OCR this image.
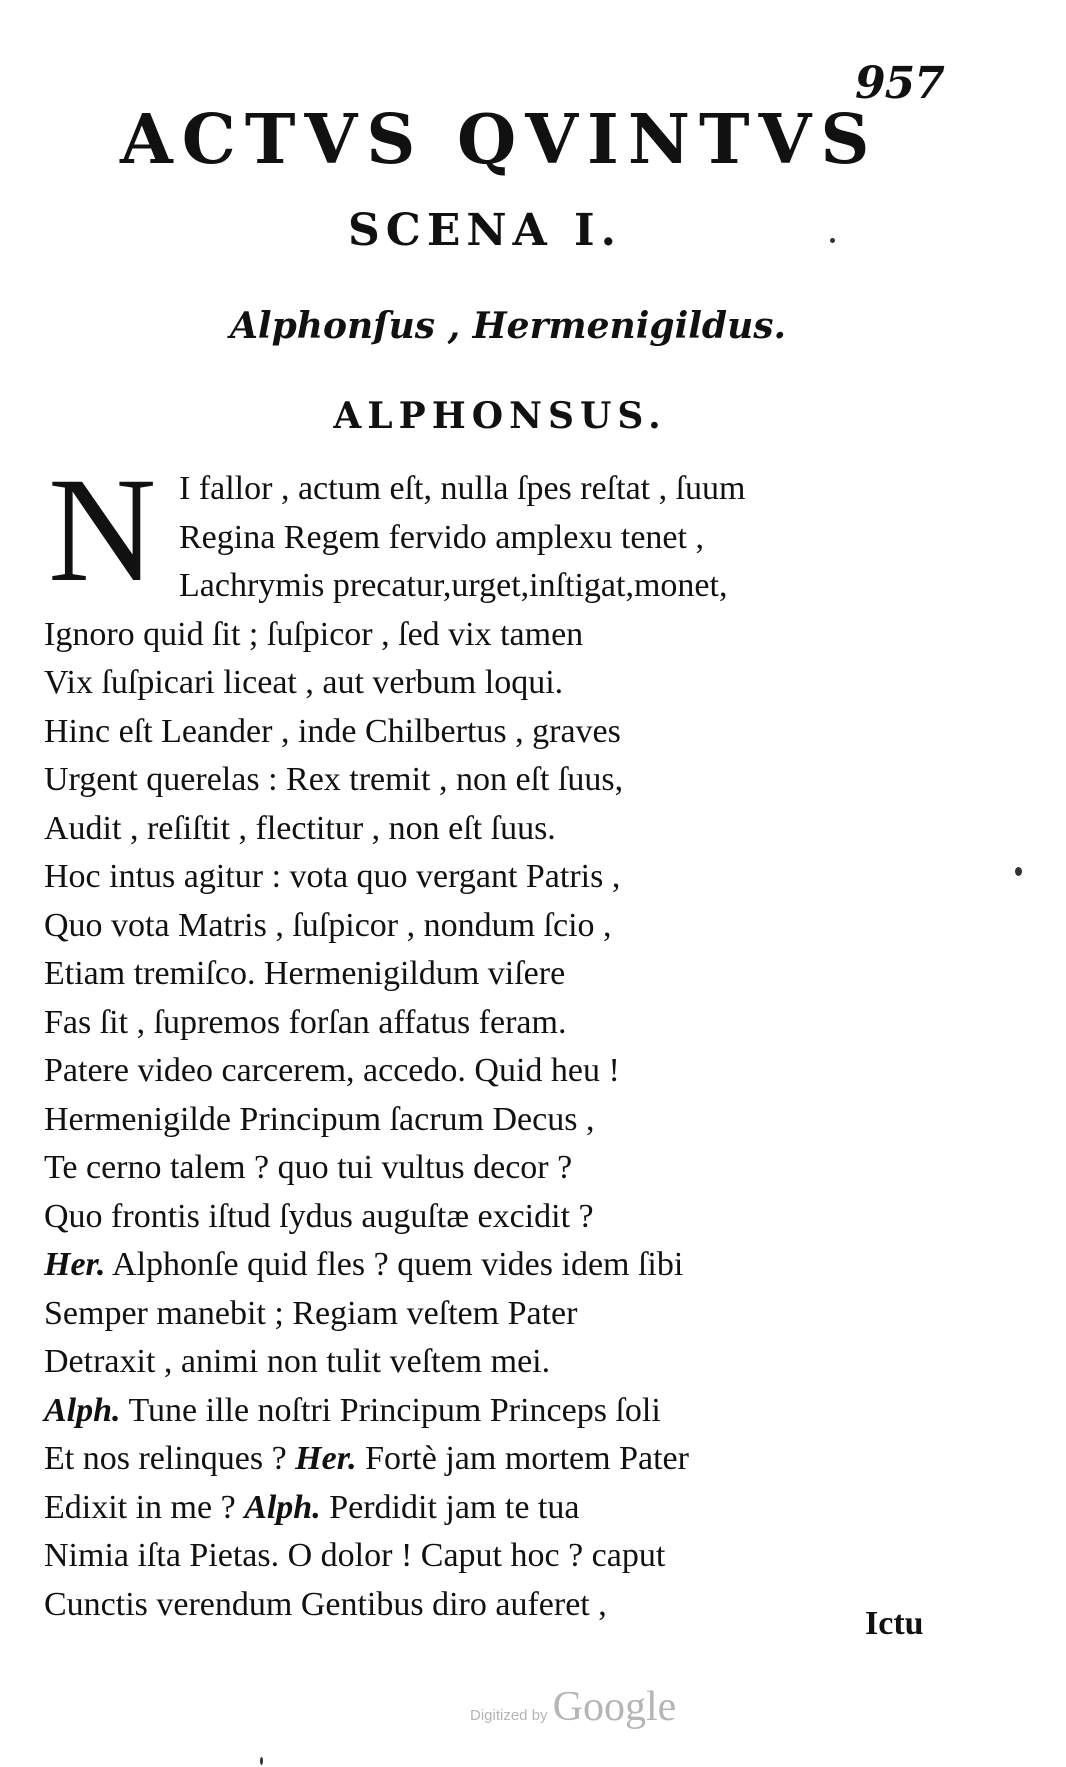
957
ACTVS QVINTVS
SCENA I.
Alphonſus , Hermenigildus.
ALPHONSUS.
N I fallor , actum eſt, nulla ſpes reſtat , ſuum
Regina Regem fervido amplexu tenet ,
Lachrymis precatur,urget,inſtigat,monet,
Ignoro quid ſit ; ſuſpicor , ſed vix tamen
Vix ſuſpicari liceat , aut verbum loqui.
Hinc eſt Leander , inde Chilbertus , graves
Urgent querelas : Rex tremit , non eſt ſuus,
Audit , reſiſtit , flectitur , non eſt ſuus.
Hoc intus agitur : vota quo vergant Patris ,
Quo vota Matris , ſuſpicor , nondum ſcio ,
Etiam tremiſco. Hermenigildum viſere
Fas ſit , ſupremos forſan affatus feram.
Patere video carcerem, accedo. Quid heu !
Hermenigilde Principum ſacrum Decus ,
Te cerno talem ? quo tui vultus decor ?
Quo frontis iſtud ſydus auguſtæ excidit ?
Her. Alphonſe quid fles ? quem vides idem ſibi
Semper manebit ; Regiam veſtem Pater
Detraxit , animi non tulit veſtem mei.
Alph. Tune ille noſtri Principum Princeps ſoli
Et nos relinques ? Her. Fortè jam mortem Pater
Edixit in me ? Alph. Perdidit jam te tua
Nimia iſta Pietas. O dolor ! Caput hoc ? caput
Cunctis verendum Gentibus diro auferet ,
Ictu
Digitized by Google
